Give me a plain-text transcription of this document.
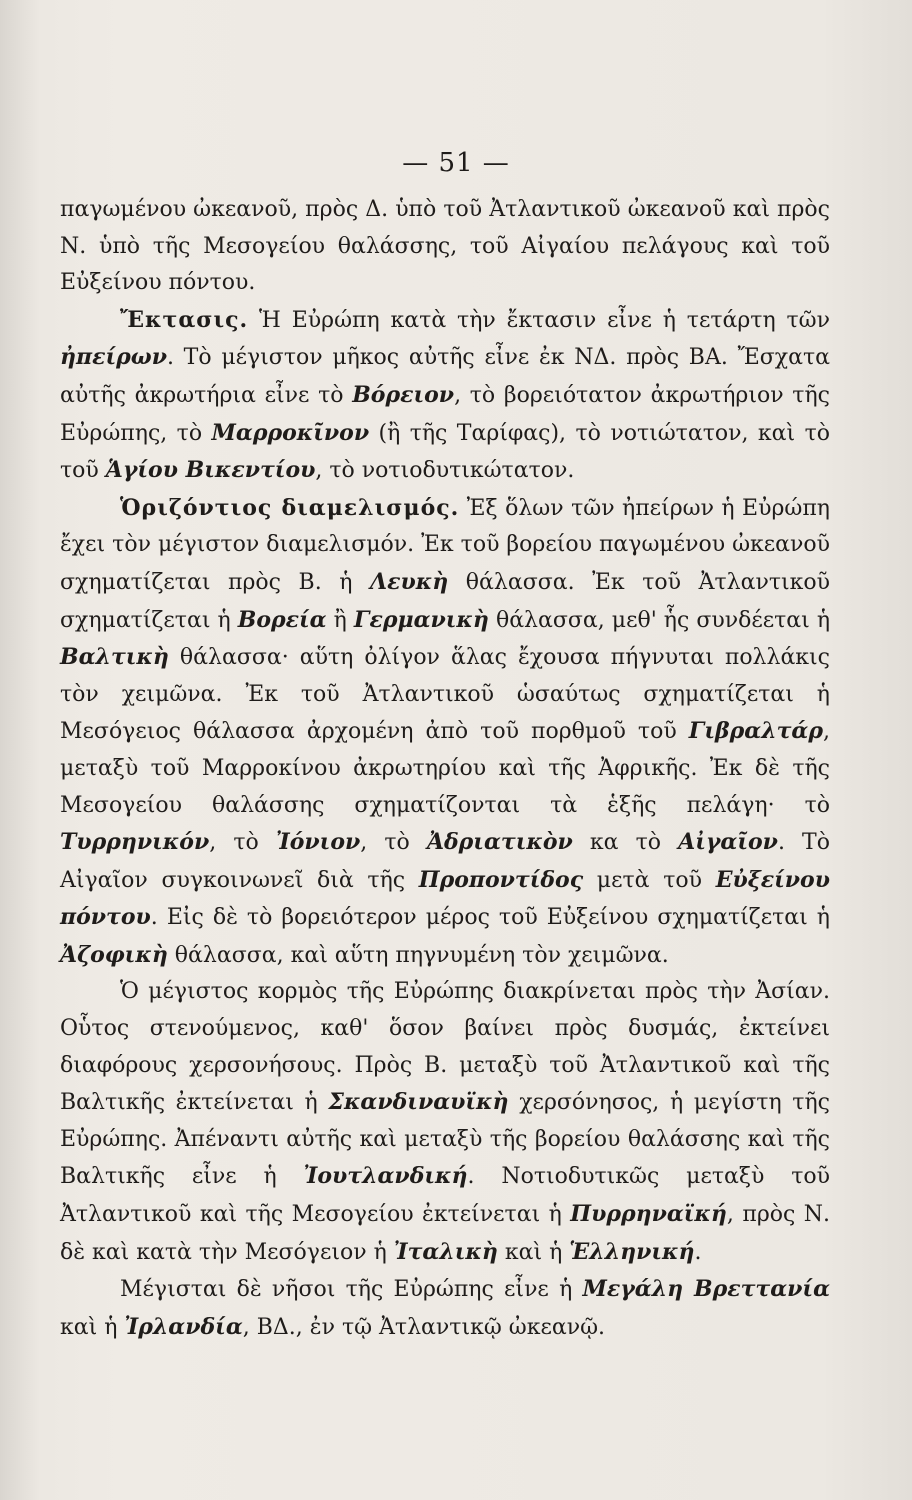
— 51 —

παγωμένου ὠκεανοῦ, πρὸς Δ. ὑπὸ τοῦ Ἀτλαντικοῦ ὠκεανοῦ καὶ πρὸς Ν. ὑπὸ τῆς Μεσογείου θαλάσσης, τοῦ Αἰγαίου πελάγους καὶ τοῦ Εὐξείνου πόντου.

Ἔκτασις. Ἡ Εὐρώπη κατὰ τὴν ἔκτασιν εἶνε ἡ τετάρτη τῶν ἠπείρων. Τὸ μέγιστον μῆκος αὐτῆς εἶνε ἐκ ΝΔ. πρὸς ΒΑ. Ἔσχατα αὐτῆς ἀκρωτήρια εἶνε τὸ Βόρειον, τὸ βορειότατον ἀκρωτήριον τῆς Εὐρώπης, τὸ Μαρροκῖνον (ἢ τῆς Ταρίφας), τὸ νοτιώτατον, καὶ τὸ τοῦ Ἁγίου Βικεντίου, τὸ νοτιοδυτικώτατον.

Ὁριζόντιος διαμελισμός. Ἐξ ὅλων τῶν ἠπείρων ἡ Εὐρώπη ἔχει τὸν μέγιστον διαμελισμόν. Ἐκ τοῦ βορείου παγωμένου ὠκεανοῦ σχηματίζεται πρὸς Β. ἡ Λευκὴ θάλασσα. Ἐκ τοῦ Ἀτλαντικοῦ σχηματίζεται ἡ Βορεία ἢ Γερμανικὴ θάλασσα, μεθ' ἧς συνδέεται ἡ Βαλτικὴ θάλασσα· αὕτη ὀλίγον ἅλας ἔχουσα πήγνυται πολλάκις τὸν χειμῶνα. Ἐκ τοῦ Ἀτλαντικοῦ ὡσαύτως σχηματίζεται ἡ Μεσόγειος θάλασσα ἀρχομένη ἀπὸ τοῦ πορθμοῦ τοῦ Γιβραλτάρ, μεταξὺ τοῦ Μαρροκίνου ἀκρωτηρίου καὶ τῆς Ἀφρικῆς. Ἐκ δὲ τῆς Μεσογείου θαλάσσης σχηματίζονται τὰ ἑξῆς πελάγη· τὸ Τυρρηνικόν, τὸ Ἰόνιον, τὸ Ἀδριατικὸν κα τὸ Αἰγαῖον. Τὸ Αἰγαῖον συγκοινωνεῖ διὰ τῆς Προποντίδος μετὰ τοῦ Εὐξείνου πόντου. Εἰς δὲ τὸ βορειότερον μέρος τοῦ Εὐξείνου σχηματίζεται ἡ Ἀζοφικὴ θάλασσα, καὶ αὕτη πηγνυμένη τὸν χειμῶνα.

Ὁ μέγιστος κορμὸς τῆς Εὐρώπης διακρίνεται πρὸς τὴν Ἀσίαν. Οὗτος στενούμενος, καθ' ὅσον βαίνει πρὸς δυσμάς, ἐκτείνει διαφόρους χερσονήσους. Πρὸς Β. μεταξὺ τοῦ Ἀτλαντικοῦ καὶ τῆς Βαλτικῆς ἐκτείνεται ἡ Σκανδιναυϊκὴ χερσόνησος, ἡ μεγίστη τῆς Εὐρώπης. Ἀπέναντι αὐτῆς καὶ μεταξὺ τῆς βορείου θαλάσσης καὶ τῆς Βαλτικῆς εἶνε ἡ Ἰουτλανδική. Νοτιοδυτικῶς μεταξὺ τοῦ Ἀτλαντικοῦ καὶ τῆς Μεσογείου ἐκτείνεται ἡ Πυρρηναϊκή, πρὸς Ν. δὲ καὶ κατὰ τὴν Μεσόγειον ἡ Ἰταλικὴ καὶ ἡ Ἑλληνική.

Μέγισται δὲ νῆσοι τῆς Εὐρώπης εἶνε ἡ Μεγάλη Βρεττανία καὶ ἡ Ἰρλανδία, ΒΔ., ἐν τῷ Ἀτλαντικῷ ὠκεανῷ.
